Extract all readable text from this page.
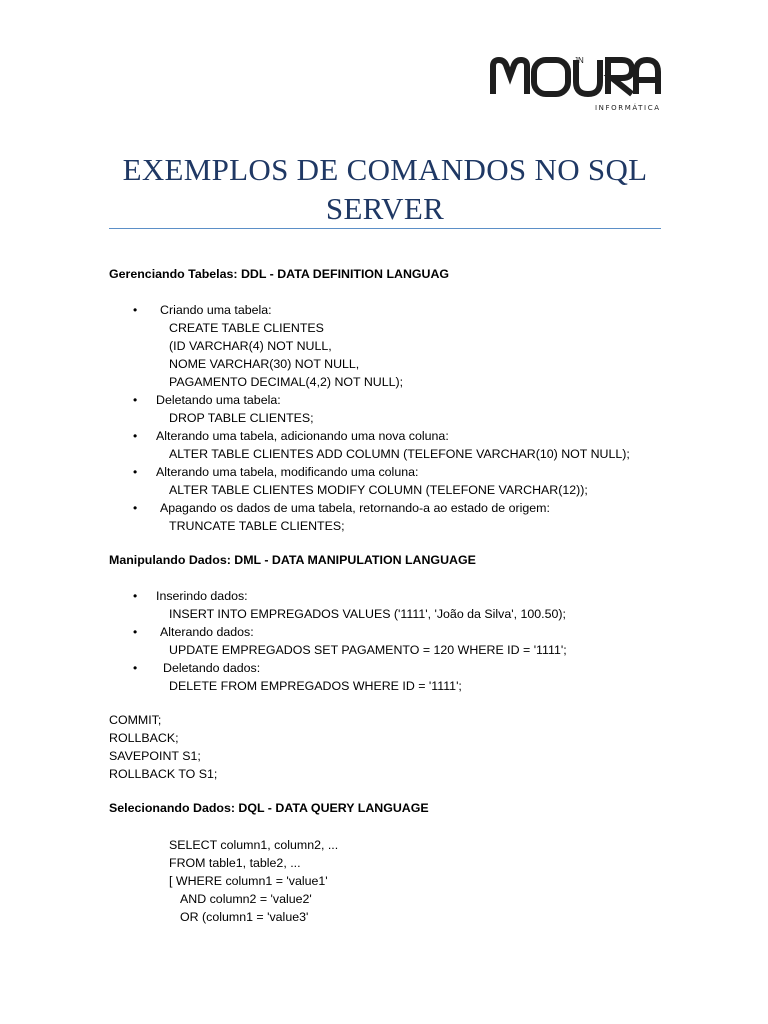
JN
INFORMÁTICA
EXEMPLOS DE COMANDOS NO SQL
SERVER
Gerenciando Tabelas: DDL - DATA DEFINITION LANGUAG
• Criando uma tabela:
CREATE TABLE CLIENTES
(ID VARCHAR(4) NOT NULL,
NOME VARCHAR(30) NOT NULL,
PAGAMENTO DECIMAL(4,2) NOT NULL);
• Deletando uma tabela:
DROP TABLE CLIENTES;
• Alterando uma tabela, adicionando uma nova coluna:
ALTER TABLE CLIENTES ADD COLUMN (TELEFONE VARCHAR(10) NOT NULL);
• Alterando uma tabela, modificando uma coluna:
ALTER TABLE CLIENTES MODIFY COLUMN (TELEFONE VARCHAR(12));
• Apagando os dados de uma tabela, retornando-a ao estado de origem:
TRUNCATE TABLE CLIENTES;
Manipulando Dados: DML - DATA MANIPULATION LANGUAGE
• Inserindo dados:
INSERT INTO EMPREGADOS VALUES ('1111', 'João da Silva', 100.50);
• Alterando dados:
UPDATE EMPREGADOS SET PAGAMENTO = 120 WHERE ID = '1111';
• Deletando dados:
DELETE FROM EMPREGADOS WHERE ID = '1111';
COMMIT;
ROLLBACK;
SAVEPOINT S1;
ROLLBACK TO S1;
Selecionando Dados: DQL - DATA QUERY LANGUAGE
SELECT column1, column2, ...
FROM table1, table2, ...
[ WHERE column1 = 'value1'
AND column2 = 'value2'
OR (column1 = 'value3'
